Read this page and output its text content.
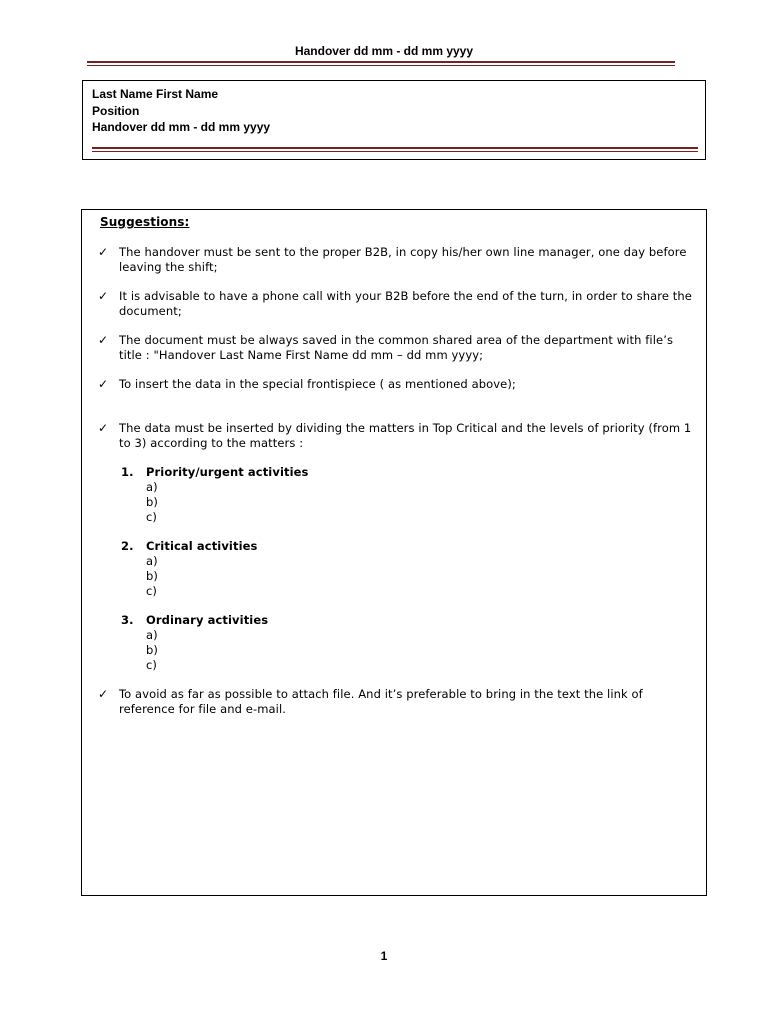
Handover dd mm - dd mm yyyy
Last Name First Name
Position
Handover dd mm - dd mm yyyy
Suggestions:
✓ The handover must be sent to the proper B2B, in copy his/her own line manager, one day before leaving the shift;
✓ It is advisable to have a phone call with your B2B before the end of the turn, in order to share the document;
✓ The document must be always saved in the common shared area of the department with file’s title : "Handover Last Name First Name dd mm – dd mm yyyy;
✓ To insert the data in the special frontispiece ( as mentioned above);
✓ The data must be inserted by dividing the matters in Top Critical and the levels of priority (from 1 to 3) according to the matters :
1. Priority/urgent activities
a)
b)
c)
2. Critical activities
a)
b)
c)
3. Ordinary activities
a)
b)
c)
✓ To avoid as far as possible to attach file. And it’s preferable to bring in the text the link of reference for file and e-mail.
1
